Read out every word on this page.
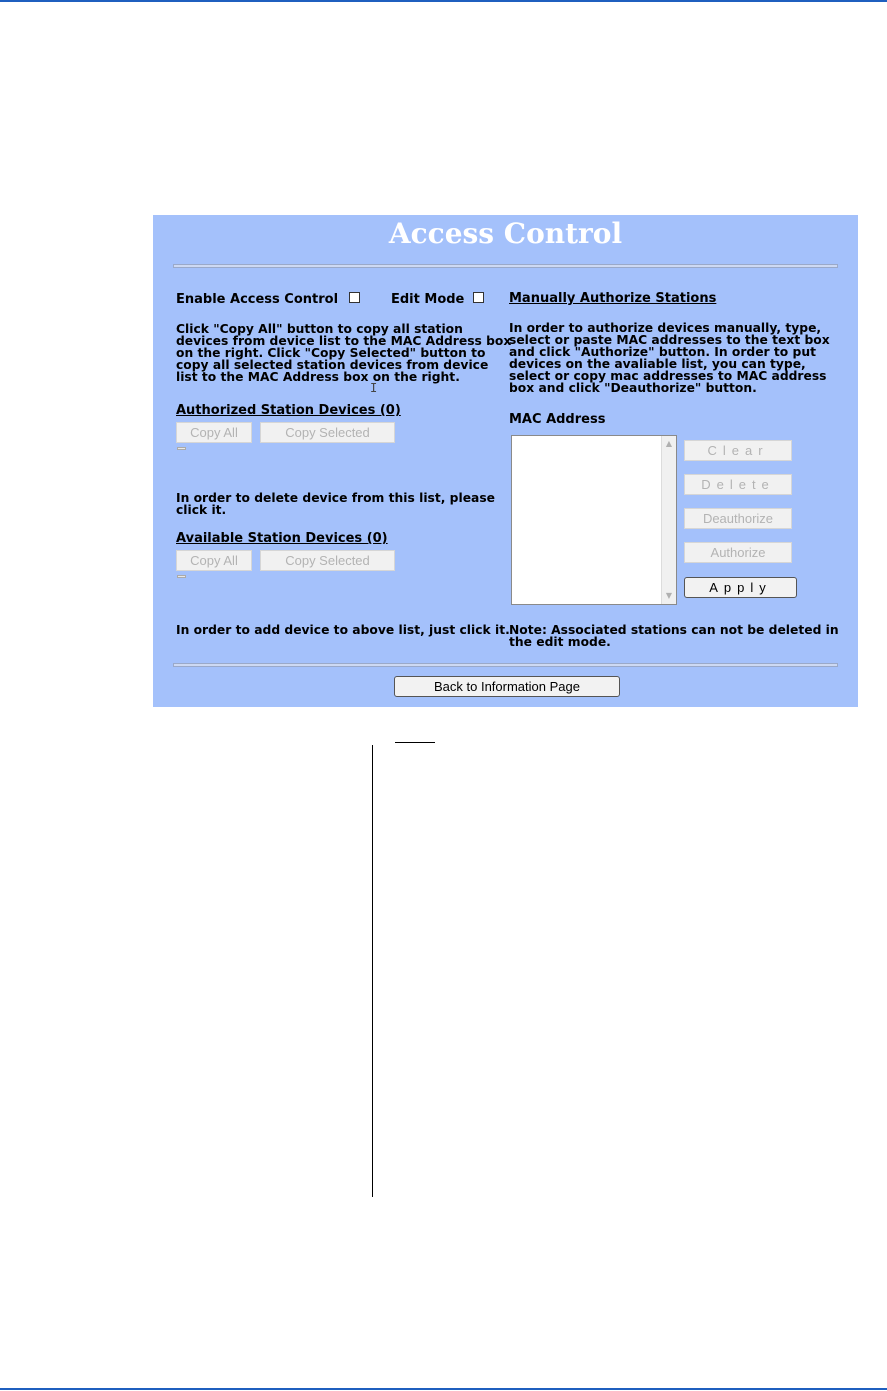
Access Control
Enable Access Control	Edit Mode
Click "Copy All" button to copy all station
devices from device list to the MAC Address box
on the right. Click "Copy Selected" button to
copy all selected station devices from device
list to the MAC Address box on the right.
I
Authorized Station Devices (0)
Copy All	Copy Selected
In order to delete device from this list, please
click it.
Available Station Devices (0)
Copy All	Copy Selected
In order to add device to above list, just click it.
Manually Authorize Stations
In order to authorize devices manually, type,
select or paste MAC addresses to the text box
and click "Authorize" button. In order to put
devices on the avaliable list, you can type,
select or copy mac addresses to MAC address
box and click "Deauthorize" button.
MAC Address
▲
▼
Clear
Delete
Deauthorize
Authorize
Apply
Note: Associated stations can not be deleted in
the edit mode.
Back to Information Page
